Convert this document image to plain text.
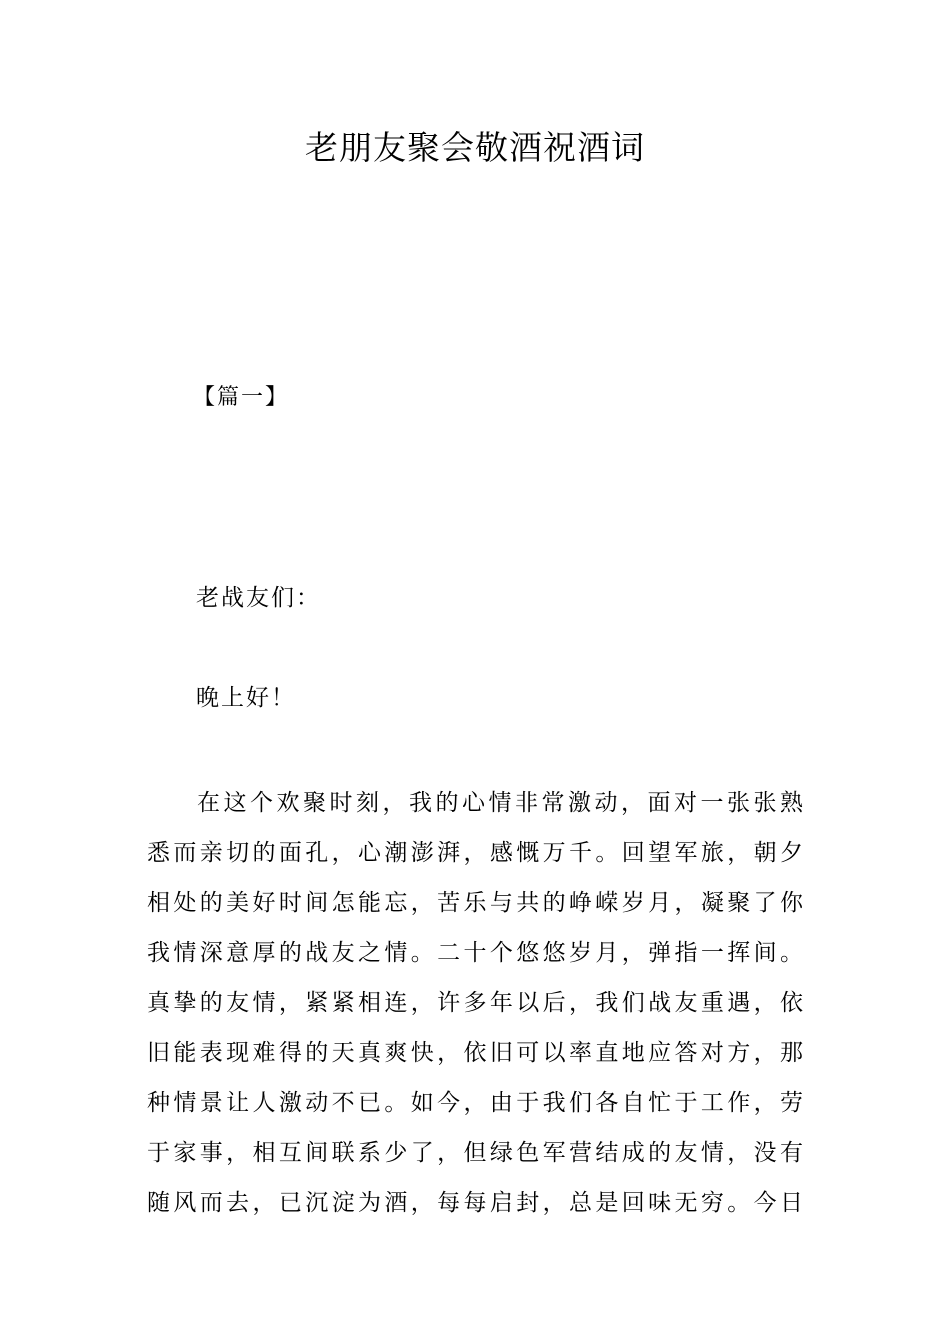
老朋友聚会敬酒祝酒词

【篇一】

老战友们：

晚上好！

在这个欢聚时刻，我的心情非常激动，面对一张张熟
悉而亲切的面孔，心潮澎湃，感慨万千。回望军旅，朝夕
相处的美好时间怎能忘，苦乐与共的峥嵘岁月，凝聚了你
我情深意厚的战友之情。二十个悠悠岁月，弹指一挥间。
真挚的友情，紧紧相连，许多年以后，我们战友重遇，依
旧能表现难得的天真爽快，依旧可以率直地应答对方，那
种情景让人激动不已。如今，由于我们各自忙于工作，劳
于家事，相互间联系少了，但绿色军营结成的友情，没有
随风而去，已沉淀为酒，每每启封，总是回味无穷。今日
